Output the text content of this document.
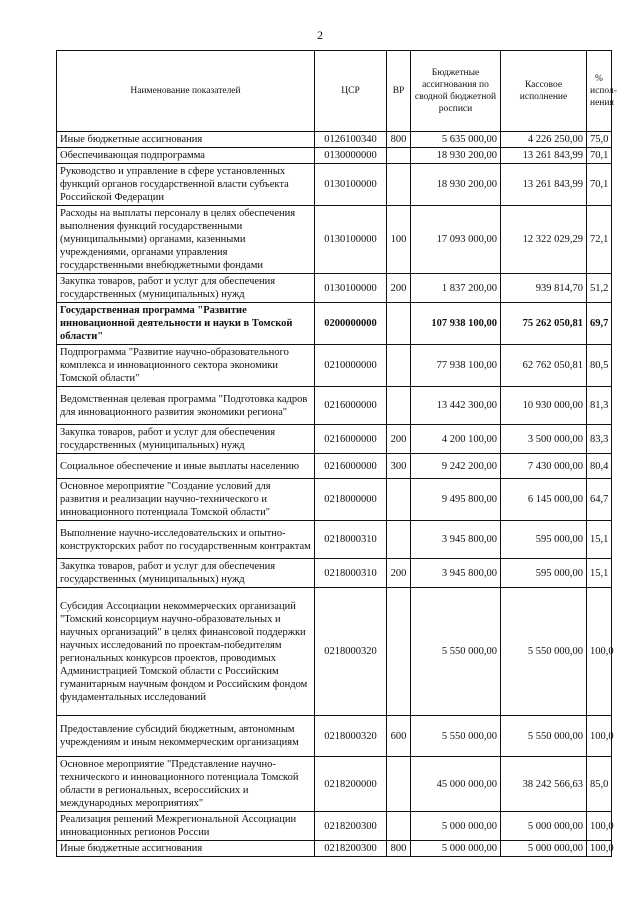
2
Наименование показателей	ЦСР	ВР	Бюджетные ассигнования по сводной бюджетной росписи	Кассовое исполнение	% испол-нения
Иные бюджетные ассигнования	0126100340	800	5 635 000,00	4 226 250,00	75,0
Обеспечивающая подпрограмма	0130000000		18 930 200,00	13 261 843,99	70,1
Руководство и управление в сфере установленных функций органов государственной власти субъекта Российской Федерации	0130100000		18 930 200,00	13 261 843,99	70,1
Расходы на выплаты персоналу в целях обеспечения выполнения функций государственными (муниципальными) органами, казенными учреждениями, органами управления государственными внебюджетными фондами	0130100000	100	17 093 000,00	12 322 029,29	72,1
Закупка товаров, работ и услуг для обеспечения государственных (муниципальных) нужд	0130100000	200	1 837 200,00	939 814,70	51,2
Государственная программа "Развитие инновационной деятельности и науки в Томской области"	0200000000		107 938 100,00	75 262 050,81	69,7
Подпрограмма "Развитие научно-образовательного комплекса и инновационного сектора экономики Томской области"	0210000000		77 938 100,00	62 762 050,81	80,5
Ведомственная целевая программа "Подготовка кадров для инновационного развития экономики региона"	0216000000		13 442 300,00	10 930 000,00	81,3
Закупка товаров, работ и услуг для обеспечения государственных (муниципальных) нужд	0216000000	200	4 200 100,00	3 500 000,00	83,3
Социальное обеспечение и иные выплаты населению	0216000000	300	9 242 200,00	7 430 000,00	80,4
Основное мероприятие "Создание условий для развития и реализации научно-технического и инновационного потенциала Томской области"	0218000000		9 495 800,00	6 145 000,00	64,7
Выполнение научно-исследовательских и опытно-конструкторских работ по государственным контрактам	0218000310		3 945 800,00	595 000,00	15,1
Закупка товаров, работ и услуг для обеспечения государственных (муниципальных) нужд	0218000310	200	3 945 800,00	595 000,00	15,1
Субсидия Ассоциации некоммерческих организаций "Томский консорциум научно-образовательных и научных организаций" в целях финансовой поддержки научных исследований по проектам-победителям региональных конкурсов проектов, проводимых Администрацией Томской области с Российским гуманитарным научным фондом и Российским фондом фундаментальных исследований	0218000320		5 550 000,00	5 550 000,00	100,0
Предоставление субсидий бюджетным, автономным учреждениям и иным некоммерческим организациям	0218000320	600	5 550 000,00	5 550 000,00	100,0
Основное мероприятие "Представление научно-технического и инновационного потенциала Томской области в региональных, всероссийских и международных мероприятиях"	0218200000		45 000 000,00	38 242 566,63	85,0
Реализация решений Межрегиональной Ассоциации инновационных регионов России	0218200300		5 000 000,00	5 000 000,00	100,0
Иные бюджетные ассигнования	0218200300	800	5 000 000,00	5 000 000,00	100,0
